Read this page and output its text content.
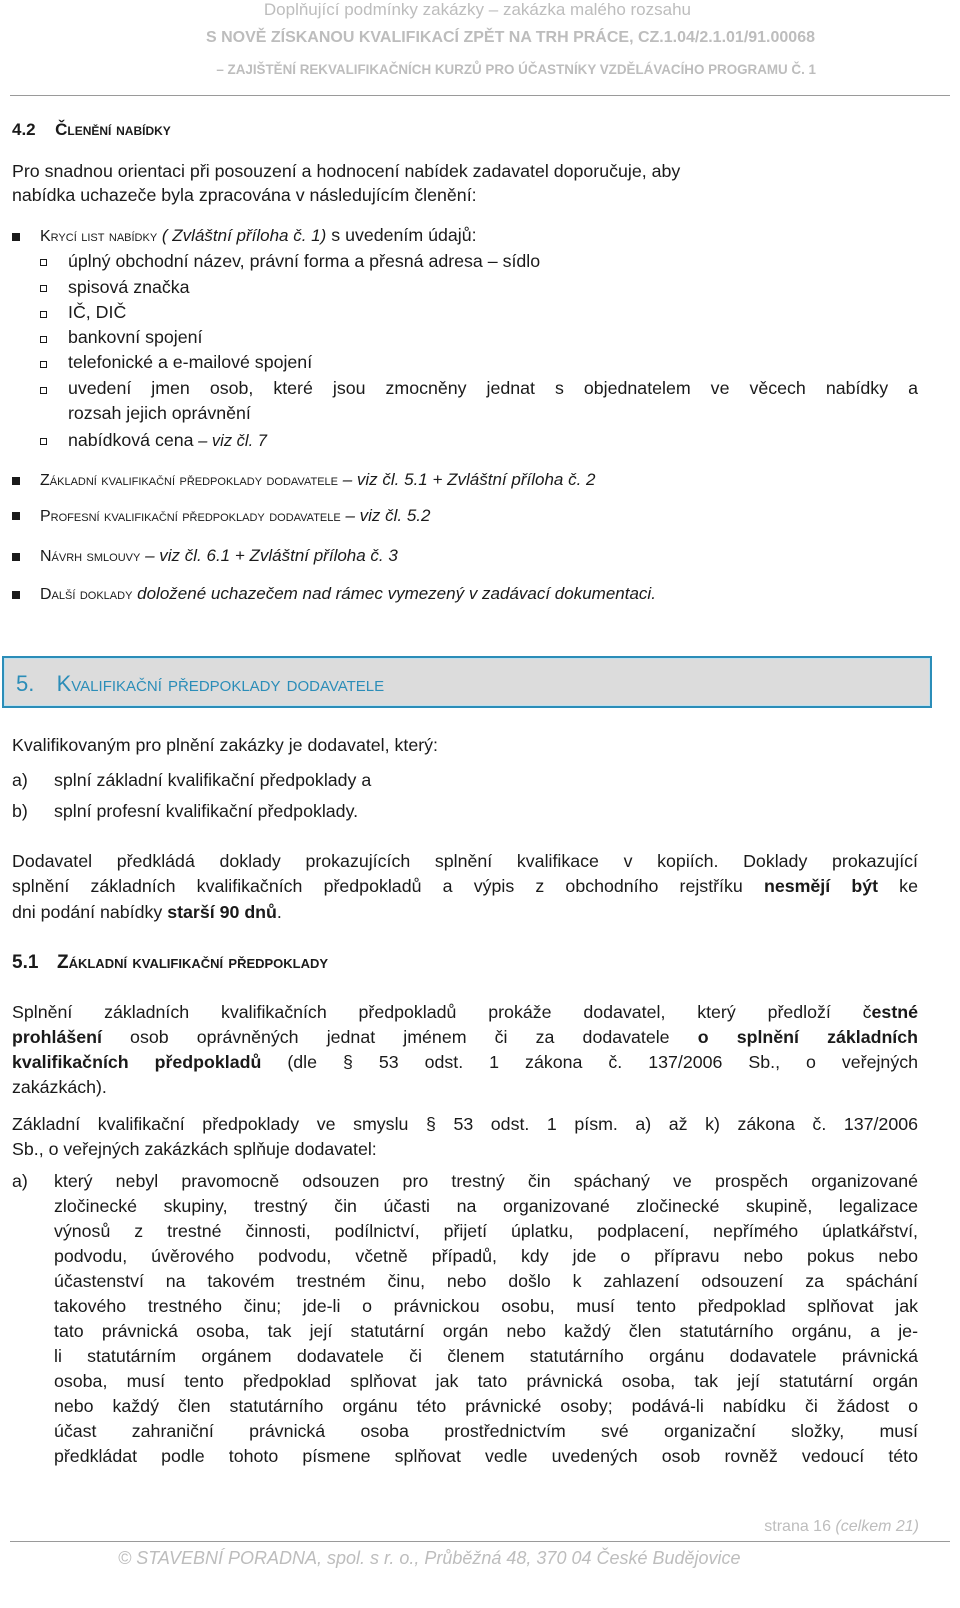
Doplňující podmínky zakázky – zakázka malého rozsahu
S NOVĚ ZÍSKANOU KVALIFIKACÍ ZPĚT NA TRH PRÁCE, CZ.1.04/2.1.01/91.00068
– ZAJIŠTĚNÍ REKVALIFIKAČNÍCH KURZŮ PRO ÚČASTNÍKY VZDĚLÁVACÍHO PROGRAMU Č. 1
4.2 Členění nabídky
Pro snadnou orientaci při posouzení a hodnocení nabídek zadavatel doporučuje, aby
nabídka uchazeče byla zpracována v následujícím členění:
Krycí list nabídky ( Zvláštní příloha č. 1) s uvedením údajů:
úplný obchodní název, právní forma a přesná adresa – sídlo
spisová značka
IČ, DIČ
bankovní spojení
telefonické a e-mailové spojení
uvedení jmen osob, které jsou zmocněny jednat s objednatelem ve věcech nabídky a
rozsah jejich oprávnění
nabídková cena – viz čl. 7
Základní kvalifikační předpoklady dodavatele – viz čl. 5.1 + Zvláštní příloha č. 2
Profesní kvalifikační předpoklady dodavatele – viz čl. 5.2
Návrh smlouvy – viz čl. 6.1 + Zvláštní příloha č. 3
Další doklady doložené uchazečem nad rámec vymezený v zadávací dokumentaci.
5. Kvalifikační předpoklady dodavatele
Kvalifikovaným pro plnění zakázky je dodavatel, který:
a) splní základní kvalifikační předpoklady a
b) splní profesní kvalifikační předpoklady.
Dodavatel předkládá doklady prokazujících splnění kvalifikace v kopiích. Doklady prokazující
splnění základních kvalifikačních předpokladů a výpis z obchodního rejstříku nesmějí být ke
dni podání nabídky starší 90 dnů.
5.1 Základní kvalifikační předpoklady
Splnění základních kvalifikačních předpokladů prokáže dodavatel, který předloží čestné
prohlášení osob oprávněných jednat jménem či za dodavatele o splnění základních
kvalifikačních předpokladů (dle § 53 odst. 1 zákona č. 137/2006 Sb., o veřejných
zakázkách).
Základní kvalifikační předpoklady ve smyslu § 53 odst. 1 písm. a) až k) zákona č. 137/2006
Sb., o veřejných zakázkách splňuje dodavatel:
a) který nebyl pravomocně odsouzen pro trestný čin spáchaný ve prospěch organizované
zločinecké skupiny, trestný čin účasti na organizované zločinecké skupině, legalizace
výnosů z trestné činnosti, podílnictví, přijetí úplatku, podplacení, nepřímého úplatkářství,
podvodu, úvěrového podvodu, včetně případů, kdy jde o přípravu nebo pokus nebo
účastenství na takovém trestném činu, nebo došlo k zahlazení odsouzení za spáchání
takového trestného činu; jde-li o právnickou osobu, musí tento předpoklad splňovat jak
tato právnická osoba, tak její statutární orgán nebo každý člen statutárního orgánu, a je-
li statutárním orgánem dodavatele či členem statutárního orgánu dodavatele právnická
osoba, musí tento předpoklad splňovat jak tato právnická osoba, tak její statutární orgán
nebo každý člen statutárního orgánu této právnické osoby; podává-li nabídku či žádost o
účast zahraniční právnická osoba prostřednictvím své organizační složky, musí
předkládat podle tohoto písmene splňovat vedle uvedených osob rovněž vedoucí této
strana 16 (celkem 21)
© STAVEBNÍ PORADNA, spol. s r. o., Průběžná 48, 370 04 České Budějovice
